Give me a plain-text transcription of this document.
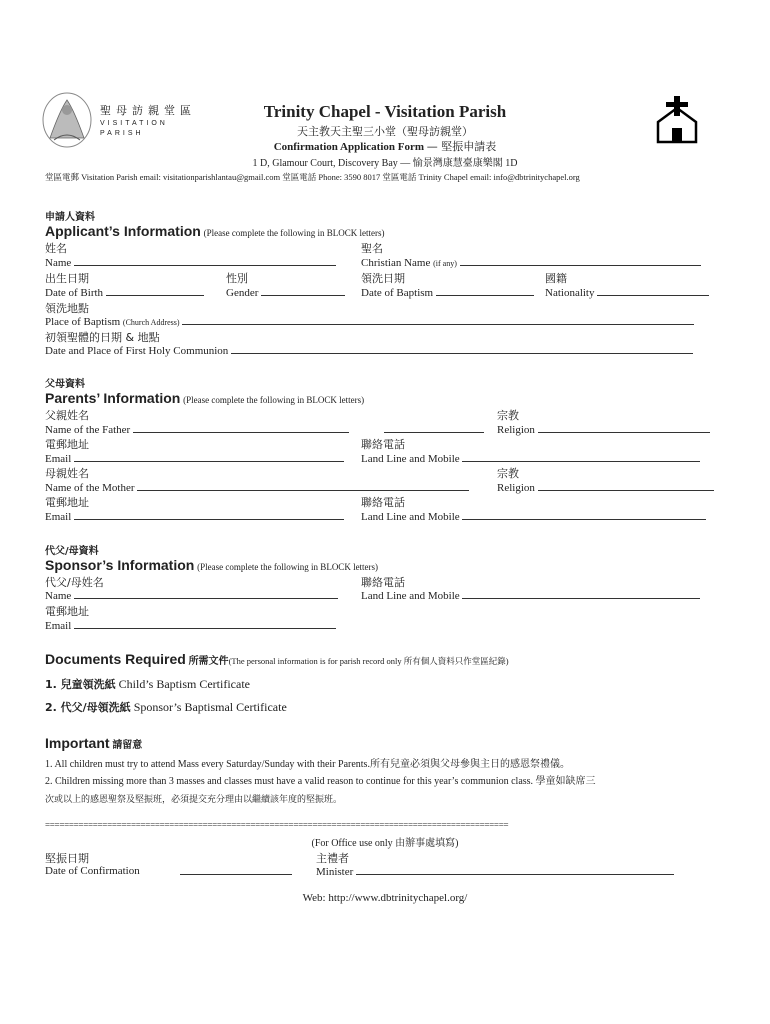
聖母訪親堂區
VISITATION
PARISH
Trinity Chapel - Visitation Parish
天主教天主聖三小堂（聖母訪親堂）
Confirmation Application Form — 堅振申請表
1 D, Glamour Court, Discovery Bay — 愉景灣康慧臺康樂閣 1D
堂區電郵 Visitation Parish email: visitationparishlantau@gmail.com 堂區電話 Phone: 3590 8017 堂區電話 Trinity Chapel email: info@dbtrinitychapel.org
申請人資料
Applicant’s Information (Please complete the following in BLOCK letters)
姓名	聖名
Name	Christian Name (if any)
出生日期	性別	領洗日期	國籍
Date of Birth	Gender	Date of Baptism	Nationality
領洗地點
Place of Baptism (Church Address)
初領聖體的日期 & 地點
Date and Place of First Holy Communion
父母資料
Parents’ Information (Please complete the following in BLOCK letters)
父親姓名	宗教
Name of the Father	Religion
電郵地址	聯絡電話
Email	Land Line and Mobile
母親姓名	宗教
Name of the Mother	Religion
電郵地址	聯絡電話
Email	Land Line and Mobile
代父/母資料
Sponsor’s Information (Please complete the following in BLOCK letters)
代父/母姓名	聯絡電話
Name	Land Line and Mobile
電郵地址
Email
Documents Required 所需文件(The personal information is for parish record only 所有個人資料只作堂區紀錄)
1. 兒童領洗紙 Child’s Baptism Certificate
2. 代父/母領洗紙 Sponsor’s Baptismal Certificate
Important 請留意
1. All children must try to attend Mass every Saturday/Sunday with their Parents.所有兒童必須與父母參與主日的感恩祭禮儀。
2. Children missing more than 3 masses and classes must have a valid reason to continue for this year’s communion class. 學童如缺席三
次或以上的感恩聖祭及堅振班，必須提交充分理由以繼續該年度的堅振班。
=================================================================================================
(For Office use only 由辦事處填寫)
堅振日期	主禮者
Date of Confirmation	Minister
Web: http://www.dbtrinitychapel.org/
